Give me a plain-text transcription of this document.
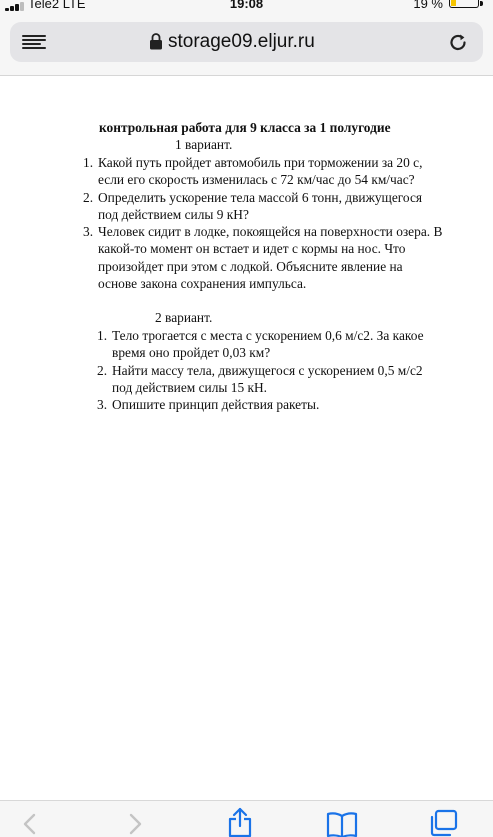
Tele2 LTE	19:08	19 %
storage09.eljur.ru

контрольная работа для 9 класса за 1 полугодие

1 вариант.
1. Какой путь пройдет автомобиль при торможении за 20 с, если его скорость изменилась с 72 км/час до 54 км/час?
2. Определить ускорение тела массой 6 тонн, движущегося под действием силы 9 кН?
3. Человек сидит в лодке, покоящейся на поверхности озера. В какой-то момент он встает и идет с кормы на нос. Что произойдет при этом с лодкой. Объясните явление на основе закона сохранения импульса.
2 вариант.
1. Тело трогается с места с ускорением 0,6 м/с2. За какое время оно пройдет 0,03 км?
2. Найти массу тела, движущегося с ускорением 0,5 м/с2 под действием силы 15 кН.
3. Опишите принцип действия ракеты.
